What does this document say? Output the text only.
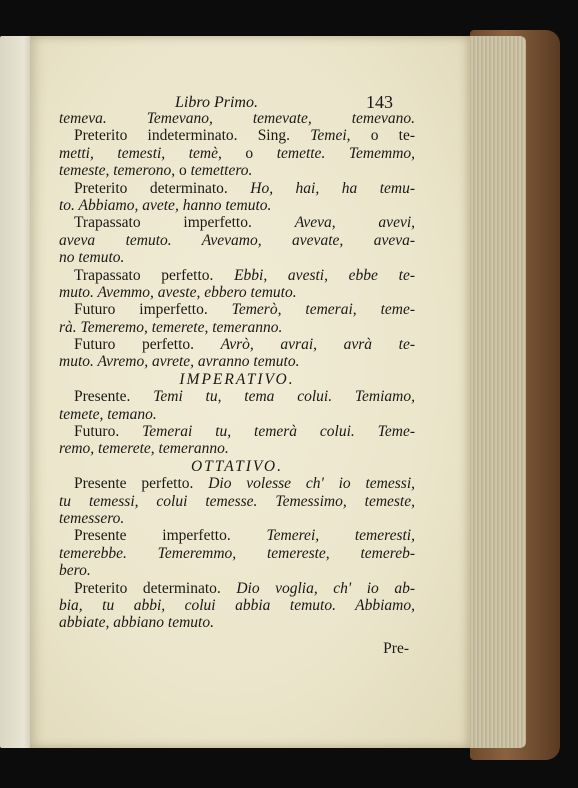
Libro Primo.	143
temeva. Temevano, temevate, temevano.
Preterito indeterminato. Sing. Temei, o te-
metti, temesti, temè, o temette. Tememmo,
temeste, temerono, o temettero.
Preterito determinato. Ho, hai, ha temu-
to. Abbiamo, avete, hanno temuto.
Trapassato imperfetto. Aveva, avevi,
aveva temuto. Avevamo, avevate, aveva-
no temuto.
Trapassato perfetto. Ebbi, avesti, ebbe te-
muto. Avemmo, aveste, ebbero temuto.
Futuro imperfetto. Temerò, temerai, teme-
rà. Temeremo, temerete, temeranno.
Futuro perfetto. Avrò, avrai, avrà te-
muto. Avremo, avrete, avranno temuto.
IMPERATIVO.
Presente. Temi tu, tema colui. Temiamo,
temete, temano.
Futuro. Temerai tu, temerà colui. Teme-
remo, temerete, temeranno.
OTTATIVO.
Presente perfetto. Dio volesse ch' io temessi,
tu temessi, colui temesse. Temessimo, temeste,
temessero.
Presente imperfetto. Temerei, temeresti,
temerebbe. Temeremmo, temereste, temereb-
bero.
Preterito determinato. Dio voglia, ch' io ab-
bia, tu abbi, colui abbia temuto. Abbiamo,
abbiate, abbiano temuto.
Pre-
